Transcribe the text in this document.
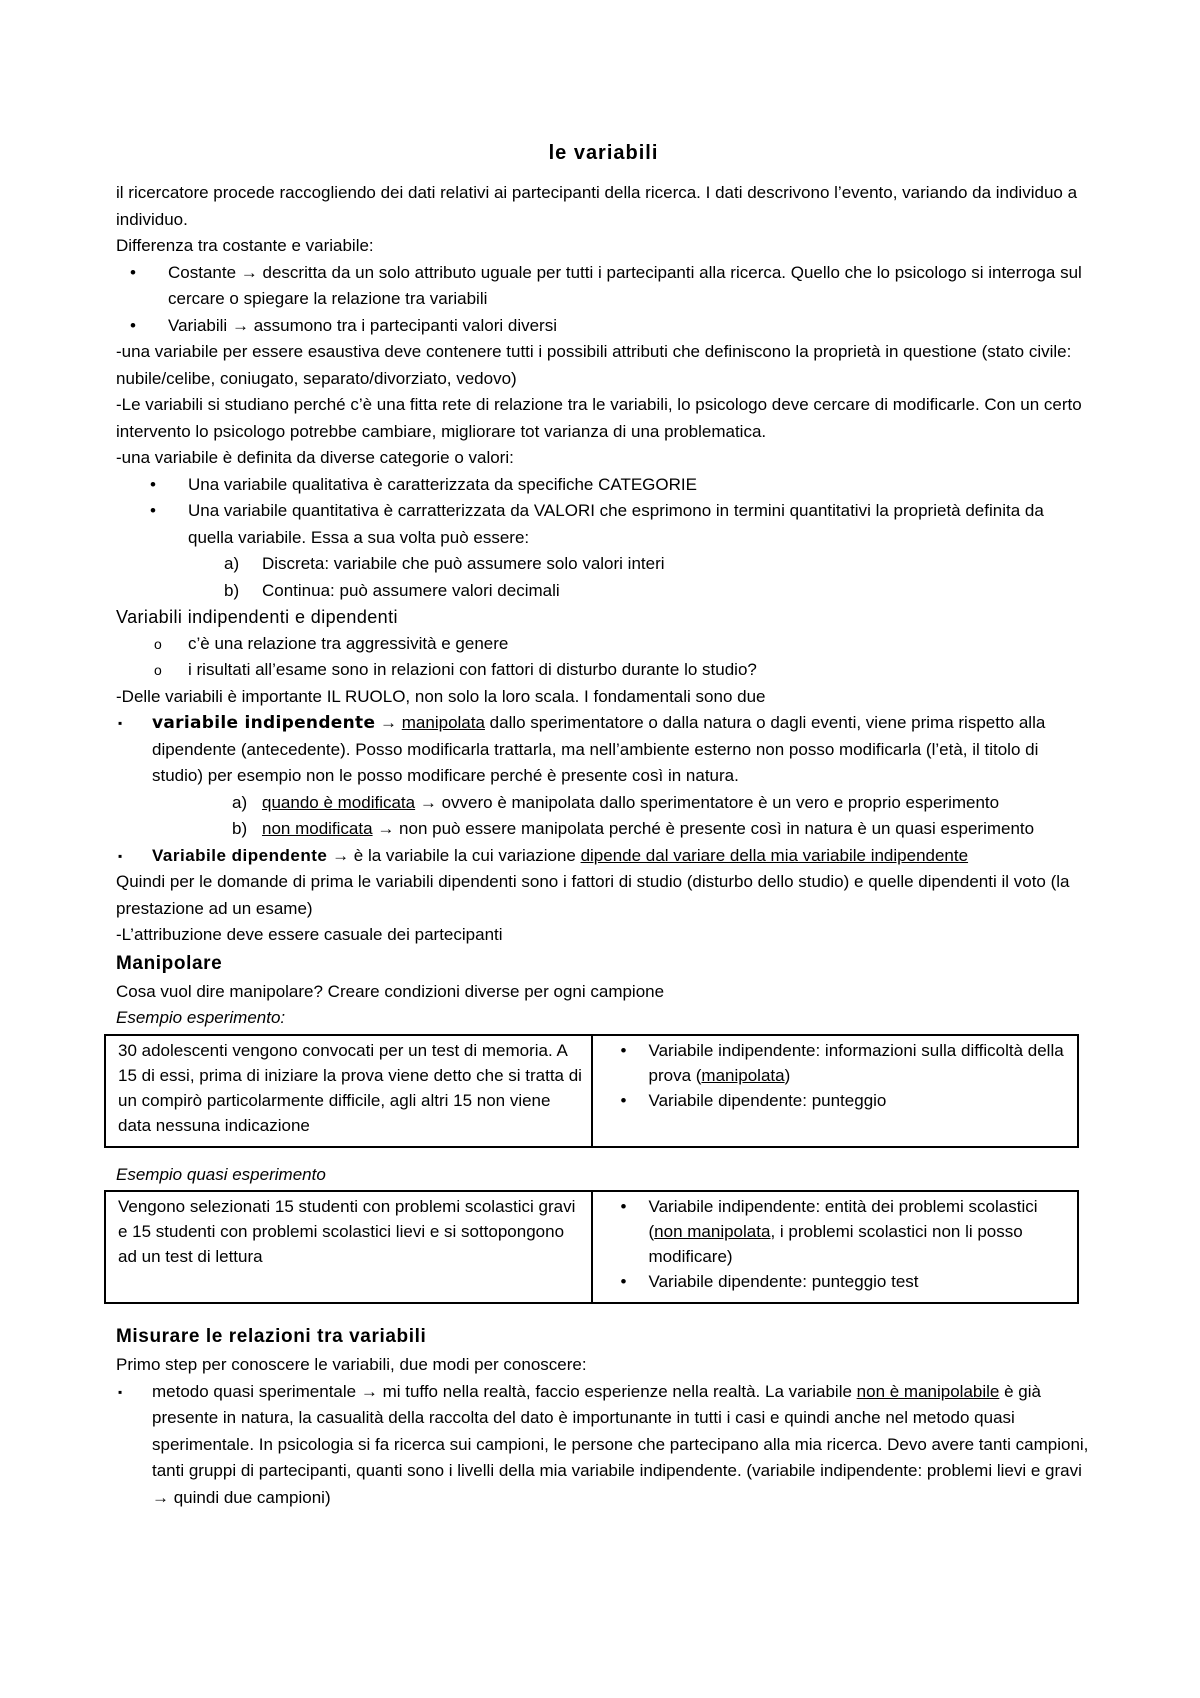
le variabili

il ricercatore procede raccogliendo dei dati relativi ai partecipanti della ricerca. I dati descrivono l’evento, variando da individuo a individuo.

Differenza tra costante e variabile:

• Costante → descritta da un solo attributo uguale per tutti i partecipanti alla ricerca. Quello che lo psicologo si interroga sul cercare o spiegare la relazione tra variabili
• Variabili → assumono tra i partecipanti valori diversi

-una variabile per essere esaustiva deve contenere tutti i possibili attributi che definiscono la proprietà in questione (stato civile: nubile/celibe, coniugato, separato/divorziato, vedovo)

-Le variabili si studiano perché c’è una fitta rete di relazione tra le variabili, lo psicologo deve cercare di modificarle. Con un certo intervento lo psicologo potrebbe cambiare, migliorare tot varianza di una problematica.

-una variabile è definita da diverse categorie o valori:

• Una variabile qualitativa è caratterizzata da specifiche CATEGORIE
• Una variabile quantitativa è carratterizzata da VALORI che esprimono in termini quantitativi la proprietà definita da quella variabile. Essa a sua volta può essere:
a) Discreta: variabile che può assumere solo valori interi
b) Continua: può assumere valori decimali

Variabili indipendenti e dipendenti

o c’è una relazione tra aggressività e genere
o i risultati all’esame sono in relazioni con fattori di disturbo durante lo studio?

-Delle variabili è importante IL RUOLO, non solo la loro scala. I fondamentali sono due

▪ variabile indipendente → manipolata dallo sperimentatore o dalla natura o dagli eventi, viene prima rispetto alla dipendente (antecedente). Posso modificarla trattarla, ma nell’ambiente esterno non posso modificarla (l’età, il titolo di studio) per esempio non le posso modificare perché è presente così in natura.
a) quando è modificata → ovvero è manipolata dallo sperimentatore è un vero e proprio esperimento
b) non modificata → non può essere manipolata perché è presente così in natura è un quasi esperimento
▪ Variabile dipendente → è la variabile la cui variazione dipende dal variare della mia variabile indipendente

Quindi per le domande di prima le variabili dipendenti sono i fattori di studio (disturbo dello studio) e quelle dipendenti il voto (la prestazione ad un esame)

-L’attribuzione deve essere casuale dei partecipanti

Manipolare

Cosa vuol dire manipolare? Creare condizioni diverse per ogni campione

Esempio esperimento:

30 adolescenti vengono convocati per un test di memoria. A 15 di essi, prima di iniziare la prova viene detto che si tratta di un compirò particolarmente difficile, agli altri 15 non viene data nessuna indicazione	
• Variabile indipendente: informazioni sulla difficoltà della prova (manipolata)
• Variabile dipendente: punteggio

Esempio quasi esperimento

Vengono selezionati 15 studenti con problemi scolastici gravi e 15 studenti con problemi scolastici lievi e si sottopongono ad un test di lettura	
• Variabile indipendente: entità dei problemi scolastici (non manipolata, i problemi scolastici non li posso modificare)
• Variabile dipendente: punteggio test

Misurare le relazioni tra variabili

Primo step per conoscere le variabili, due modi per conoscere:

▪ metodo quasi sperimentale → mi tuffo nella realtà, faccio esperienze nella realtà. La variabile non è manipolabile è già presente in natura, la casualità della raccolta del dato è importunante in tutti i casi e quindi anche nel metodo quasi sperimentale. In psicologia si fa ricerca sui campioni, le persone che partecipano alla mia ricerca. Devo avere tanti campioni, tanti gruppi di partecipanti, quanti sono i livelli della mia variabile indipendente. (variabile indipendente: problemi lievi e gravi → quindi due campioni)
